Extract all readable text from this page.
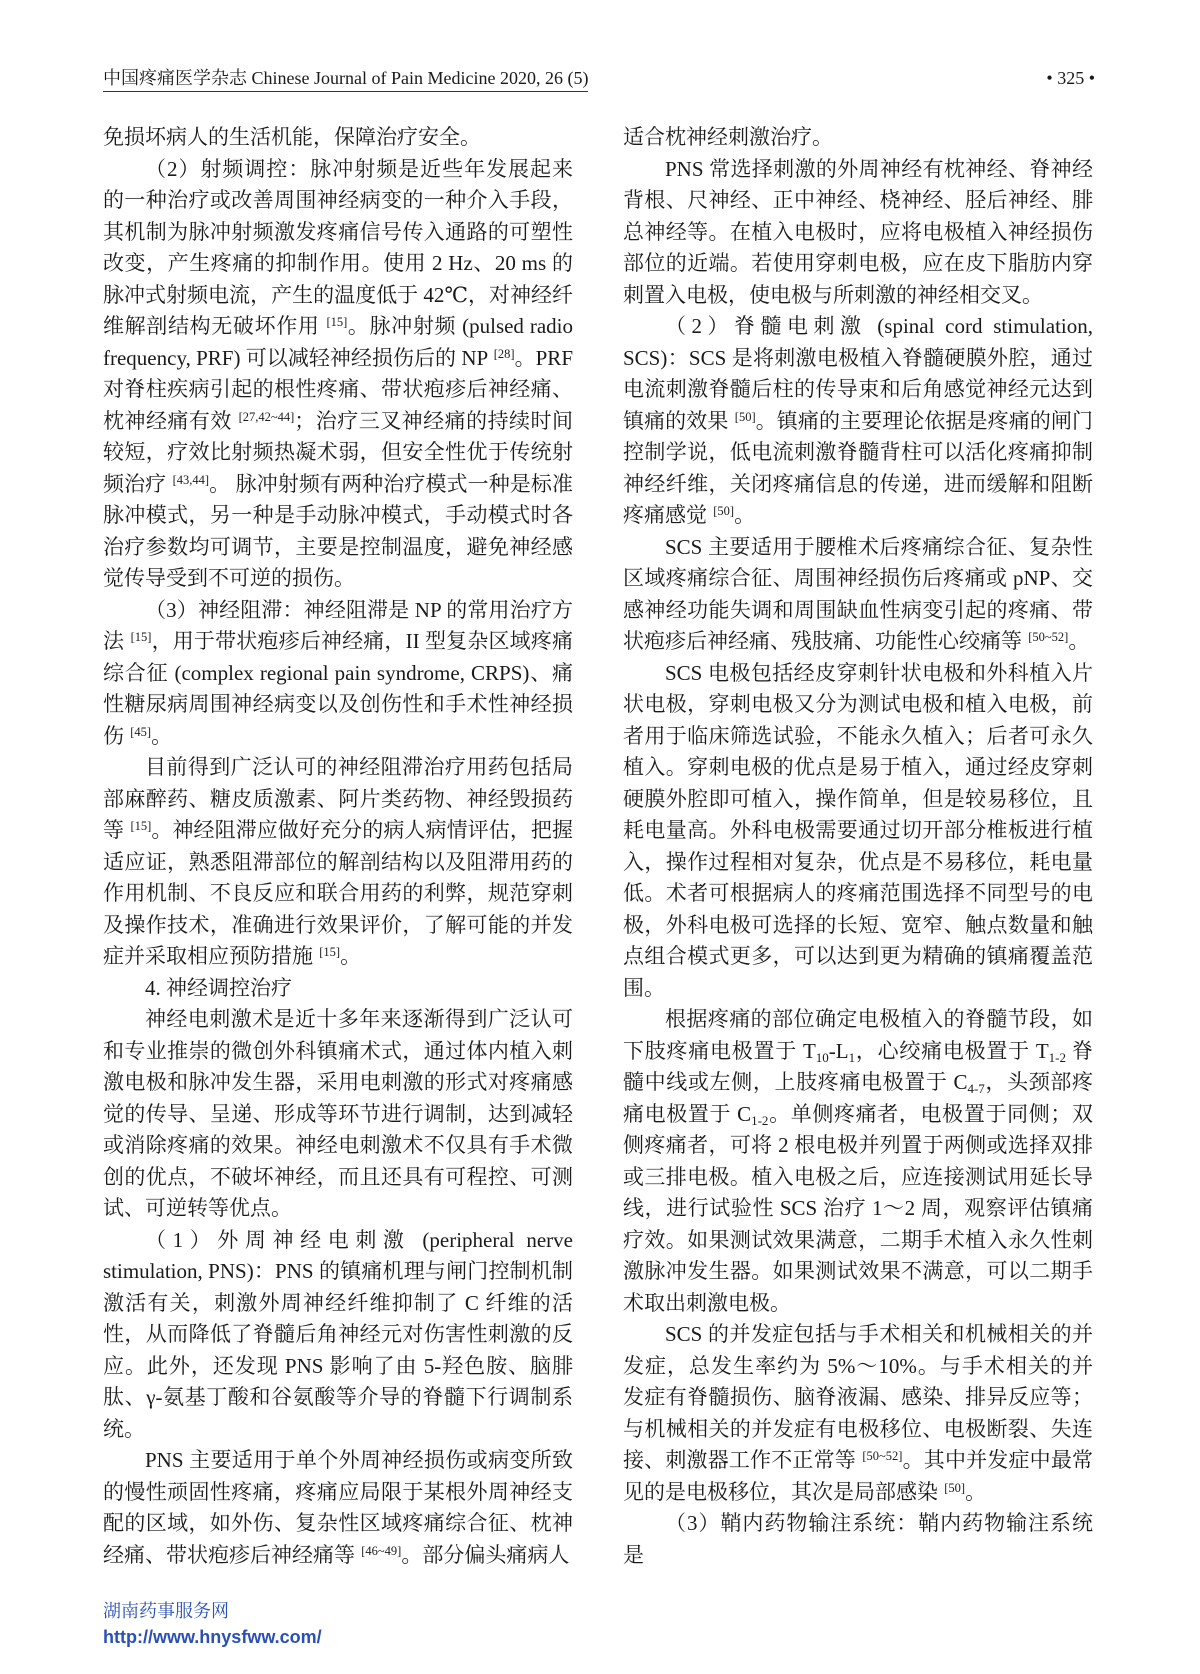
中国疼痛医学杂志 Chinese Journal of Pain Medicine 2020, 26 (5)	• 325 •

免损坏病人的生活机能，保障治疗安全。

（2）射频调控：脉冲射频是近些年发展起来的一种治疗或改善周围神经病变的一种介入手段，其机制为脉冲射频激发疼痛信号传入通路的可塑性改变，产生疼痛的抑制作用。使用 2 Hz、20 ms 的脉冲式射频电流，产生的温度低于 42℃，对神经纤维解剖结构无破坏作用 [15]。脉冲射频 (pulsed radio frequency, PRF) 可以减轻神经损伤后的 NP [28]。PRF 对脊柱疾病引起的根性疼痛、带状疱疹后神经痛、枕神经痛有效 [27,42~44]；治疗三叉神经痛的持续时间较短，疗效比射频热凝术弱，但安全性优于传统射频治疗 [43,44]。 脉冲射频有两种治疗模式一种是标准脉冲模式，另一种是手动脉冲模式，手动模式时各治疗参数均可调节，主要是控制温度，避免神经感觉传导受到不可逆的损伤。

（3）神经阻滞：神经阻滞是 NP 的常用治疗方法 [15]，用于带状疱疹后神经痛，II 型复杂区域疼痛综合征 (complex regional pain syndrome, CRPS)、痛性糖尿病周围神经病变以及创伤性和手术性神经损伤 [45]。

目前得到广泛认可的神经阻滞治疗用药包括局部麻醉药、糖皮质激素、阿片类药物、神经毁损药等 [15]。神经阻滞应做好充分的病人病情评估，把握适应证，熟悉阻滞部位的解剖结构以及阻滞用药的作用机制、不良反应和联合用药的利弊，规范穿刺及操作技术，准确进行效果评价，了解可能的并发症并采取相应预防措施 [15]。

4. 神经调控治疗

神经电刺激术是近十多年来逐渐得到广泛认可和专业推崇的微创外科镇痛术式，通过体内植入刺激电极和脉冲发生器，采用电刺激的形式对疼痛感觉的传导、呈递、形成等环节进行调制，达到减轻或消除疼痛的效果。神经电刺激术不仅具有手术微创的优点，不破坏神经，而且还具有可程控、可测试、可逆转等优点。

（1）外周神经电刺激 (peripheral nerve stimulation, PNS)：PNS 的镇痛机理与闸门控制机制激活有关，刺激外周神经纤维抑制了 C 纤维的活性，从而降低了脊髓后角神经元对伤害性刺激的反应。此外，还发现 PNS 影响了由 5-羟色胺、脑腓肽、γ-氨基丁酸和谷氨酸等介导的脊髓下行调制系统。

PNS 主要适用于单个外周神经损伤或病变所致的慢性顽固性疼痛，疼痛应局限于某根外周神经支配的区域，如外伤、复杂性区域疼痛综合征、枕神经痛、带状疱疹后神经痛等 [46~49]。部分偏头痛病人

适合枕神经刺激治疗。

PNS 常选择刺激的外周神经有枕神经、脊神经背根、尺神经、正中神经、桡神经、胫后神经、腓总神经等。在植入电极时，应将电极植入神经损伤部位的近端。若使用穿刺电极，应在皮下脂肪内穿刺置入电极，使电极与所刺激的神经相交叉。

（2）脊髓电刺激 (spinal cord stimulation, SCS)：SCS 是将刺激电极植入脊髓硬膜外腔，通过电流刺激脊髓后柱的传导束和后角感觉神经元达到镇痛的效果 [50]。镇痛的主要理论依据是疼痛的闸门控制学说，低电流刺激脊髓背柱可以活化疼痛抑制神经纤维，关闭疼痛信息的传递，进而缓解和阻断疼痛感觉 [50]。

SCS 主要适用于腰椎术后疼痛综合征、复杂性区域疼痛综合征、周围神经损伤后疼痛或 pNP、交感神经功能失调和周围缺血性病变引起的疼痛、带状疱疹后神经痛、残肢痛、功能性心绞痛等 [50~52]。

SCS 电极包括经皮穿刺针状电极和外科植入片状电极，穿刺电极又分为测试电极和植入电极，前者用于临床筛选试验，不能永久植入；后者可永久植入。穿刺电极的优点是易于植入，通过经皮穿刺硬膜外腔即可植入，操作简单，但是较易移位，且耗电量高。外科电极需要通过切开部分椎板进行植入，操作过程相对复杂，优点是不易移位，耗电量低。术者可根据病人的疼痛范围选择不同型号的电极，外科电极可选择的长短、宽窄、触点数量和触点组合模式更多，可以达到更为精确的镇痛覆盖范围。

根据疼痛的部位确定电极植入的脊髓节段，如下肢疼痛电极置于 $T_{10}-L_1$，心绞痛电极置于 $T_{1-2}$ 脊髓中线或左侧，上肢疼痛电极置于 $C_{4-7}$，头颈部疼痛电极置于 $C_{1-2}$。单侧疼痛者，电极置于同侧；双侧疼痛者，可将 2 根电极并列置于两侧或选择双排或三排电极。植入电极之后，应连接测试用延长导线，进行试验性 SCS 治疗 1～2 周，观察评估镇痛疗效。如果测试效果满意，二期手术植入永久性刺激脉冲发生器。如果测试效果不满意，可以二期手术取出刺激电极。

SCS 的并发症包括与手术相关和机械相关的并发症，总发生率约为 5%～10%。与手术相关的并发症有脊髓损伤、脑脊液漏、感染、排异反应等；与机械相关的并发症有电极移位、电极断裂、失连接、刺激器工作不正常等 [50~52]。其中并发症中最常见的是电极移位，其次是局部感染 [50]。

（3）鞘内药物输注系统：鞘内药物输注系统是

湖南药事服务网
http://www.hnysfww.com/
